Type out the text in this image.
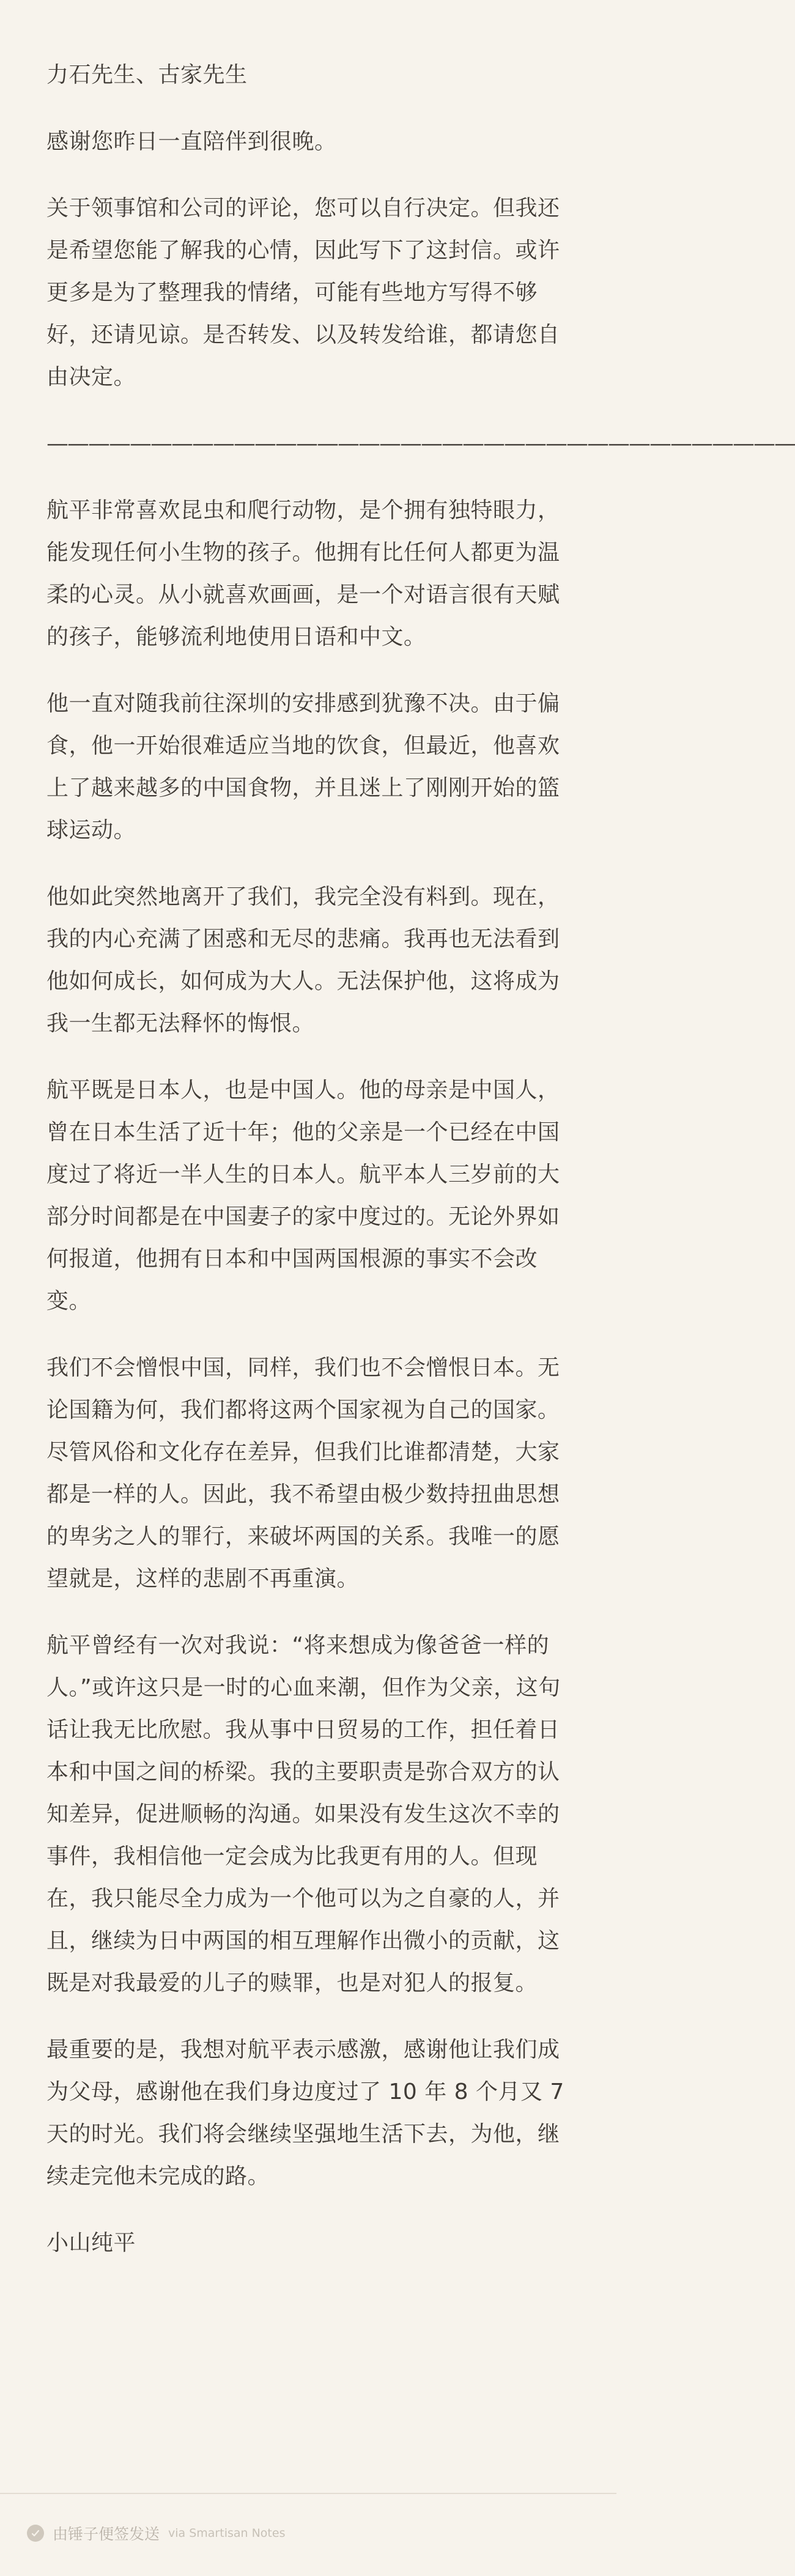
力石先生、古家先生

感谢您昨日一直陪伴到很晚。

关于领事馆和公司的评论，您可以自行决定。但我还是希望您能了解我的心情，因此写下了这封信。或许更多是为了整理我的情绪，可能有些地方写得不够好，还请见谅。是否转发、以及转发给谁，都请您自由决定。

————————————————————————————————————

航平非常喜欢昆虫和爬行动物，是个拥有独特眼力，能发现任何小生物的孩子。他拥有比任何人都更为温柔的心灵。从小就喜欢画画，是一个对语言很有天赋的孩子，能够流利地使用日语和中文。

他一直对随我前往深圳的安排感到犹豫不决。由于偏食，他一开始很难适应当地的饮食，但最近，他喜欢上了越来越多的中国食物，并且迷上了刚刚开始的篮球运动。

他如此突然地离开了我们，我完全没有料到。现在，我的内心充满了困惑和无尽的悲痛。我再也无法看到他如何成长，如何成为大人。无法保护他，这将成为我一生都无法释怀的悔恨。

航平既是日本人，也是中国人。他的母亲是中国人，曾在日本生活了近十年；他的父亲是一个已经在中国度过了将近一半人生的日本人。航平本人三岁前的大部分时间都是在中国妻子的家中度过的。无论外界如何报道，他拥有日本和中国两国根源的事实不会改变。

我们不会憎恨中国，同样，我们也不会憎恨日本。无论国籍为何，我们都将这两个国家视为自己的国家。尽管风俗和文化存在差异，但我们比谁都清楚，大家都是一样的人。因此，我不希望由极少数持扭曲思想的卑劣之人的罪行，来破坏两国的关系。我唯一的愿望就是，这样的悲剧不再重演。

航平曾经有一次对我说：“将来想成为像爸爸一样的人。”或许这只是一时的心血来潮，但作为父亲，这句话让我无比欣慰。我从事中日贸易的工作，担任着日本和中国之间的桥梁。我的主要职责是弥合双方的认知差异，促进顺畅的沟通。如果没有发生这次不幸的事件，我相信他一定会成为比我更有用的人。但现在，我只能尽全力成为一个他可以为之自豪的人，并且，继续为日中两国的相互理解作出微小的贡献，这既是对我最爱的儿子的赎罪，也是对犯人的报复。

最重要的是，我想对航平表示感激，感谢他让我们成为父母，感谢他在我们身边度过了 10 年 8 个月又 7 天的时光。我们将会继续坚强地生活下去，为他，继续走完他未完成的路。

小山纯平

由锤子便签发送 via Smartisan Notes
